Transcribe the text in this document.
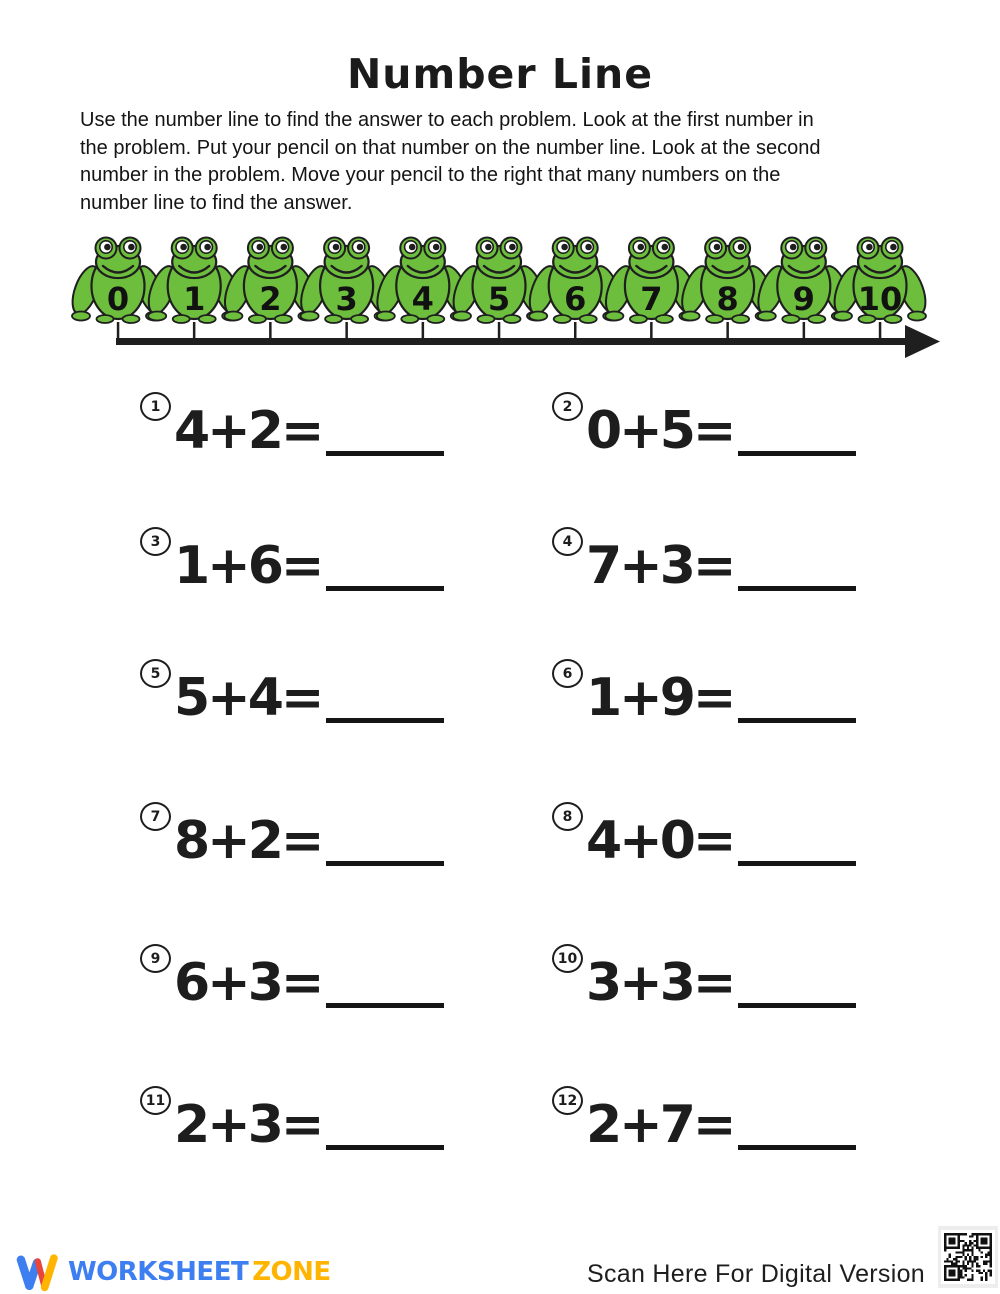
Number Line
Use the number line to find the answer to each problem. Look at the first number in
the problem. Put your pencil on that number on the number line. Look at the second
number in the problem. Move your pencil to the right that many numbers on the
number line to find the answer.
0 1 2 3 4 5 6 7 8 9 10
1 4+2=	2 0+5=
3 1+6=	4 7+3=
5 5+4=	6 1+9=
7 8+2=	8 4+0=
9 6+3=	10 3+3=
11 2+3=	12 2+7=
WORKSHEET ZONE	Scan Here For Digital Version
